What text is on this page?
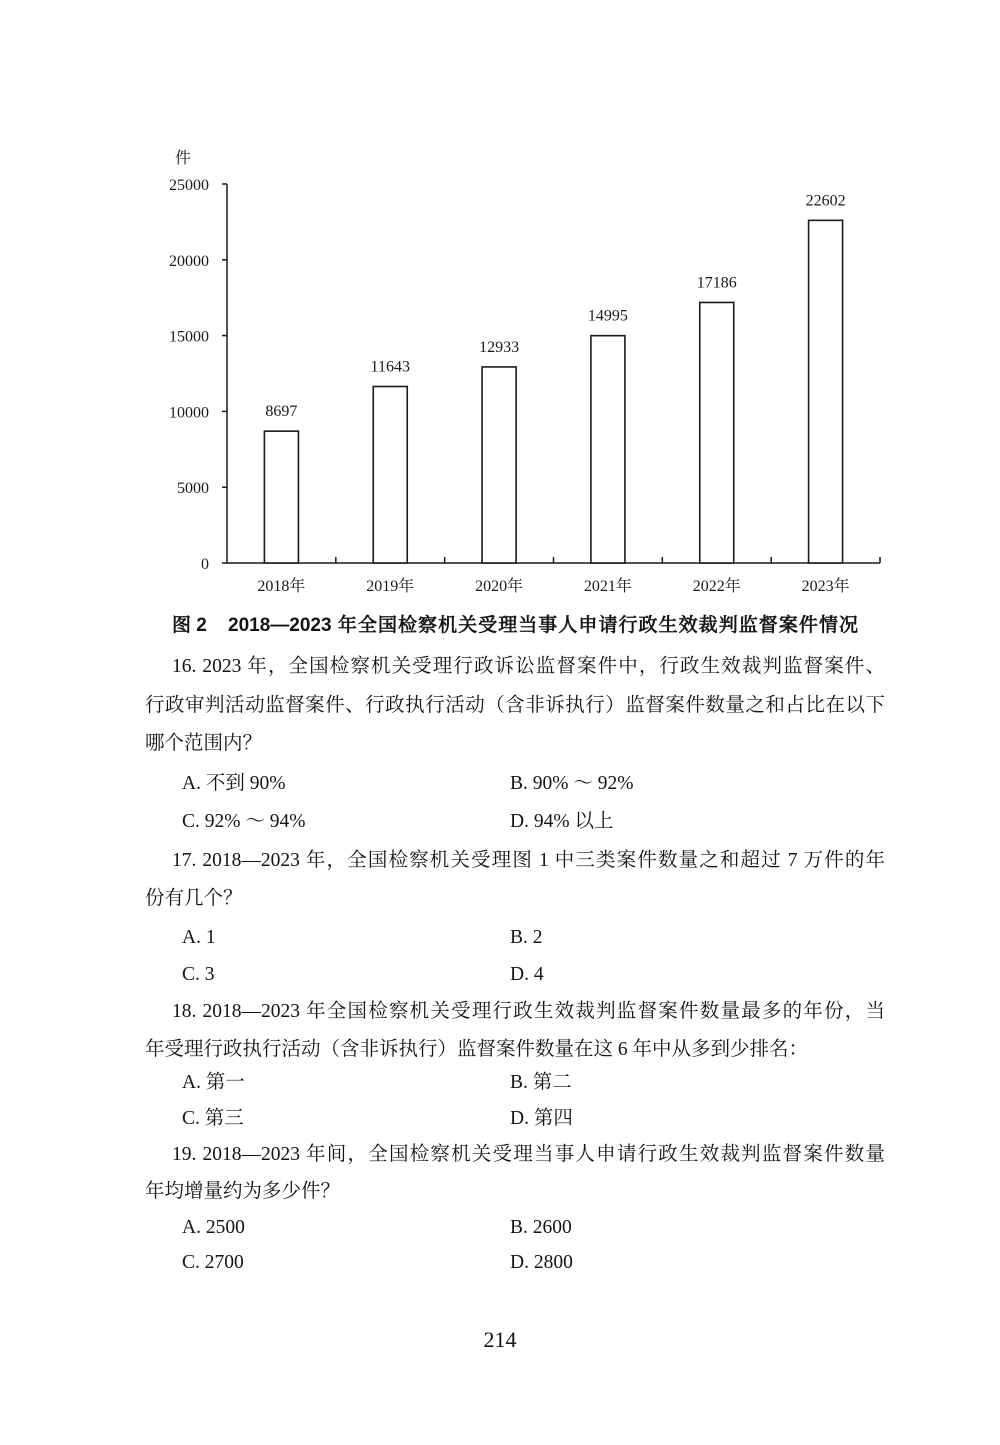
件
0
5000
10000
15000
20000
25000
8697
2018年
11643
2019年
12933
2020年
14995
2021年
17186
2022年
22602
2023年
图 2 2018—2023 年全国检察机关受理当事人申请行政生效裁判监督案件情况
16. 2023 年，全国检察机关受理行政诉讼监督案件中，行政生效裁判监督案件、
行政审判活动监督案件、行政执行活动（含非诉执行）监督案件数量之和占比在以下
哪个范围内？
A. 不到 90%	B. 90% ～ 92%
C. 92% ～ 94%	D. 94% 以上
17. 2018—2023 年，全国检察机关受理图 1 中三类案件数量之和超过 7 万件的年
份有几个？
A. 1	B. 2
C. 3	D. 4
18. 2018—2023 年全国检察机关受理行政生效裁判监督案件数量最多的年份，当
年受理行政执行活动（含非诉执行）监督案件数量在这 6 年中从多到少排名：
A. 第一	B. 第二
C. 第三	D. 第四
19. 2018—2023 年间，全国检察机关受理当事人申请行政生效裁判监督案件数量
年均增量约为多少件？
A. 2500	B. 2600
C. 2700	D. 2800
214
